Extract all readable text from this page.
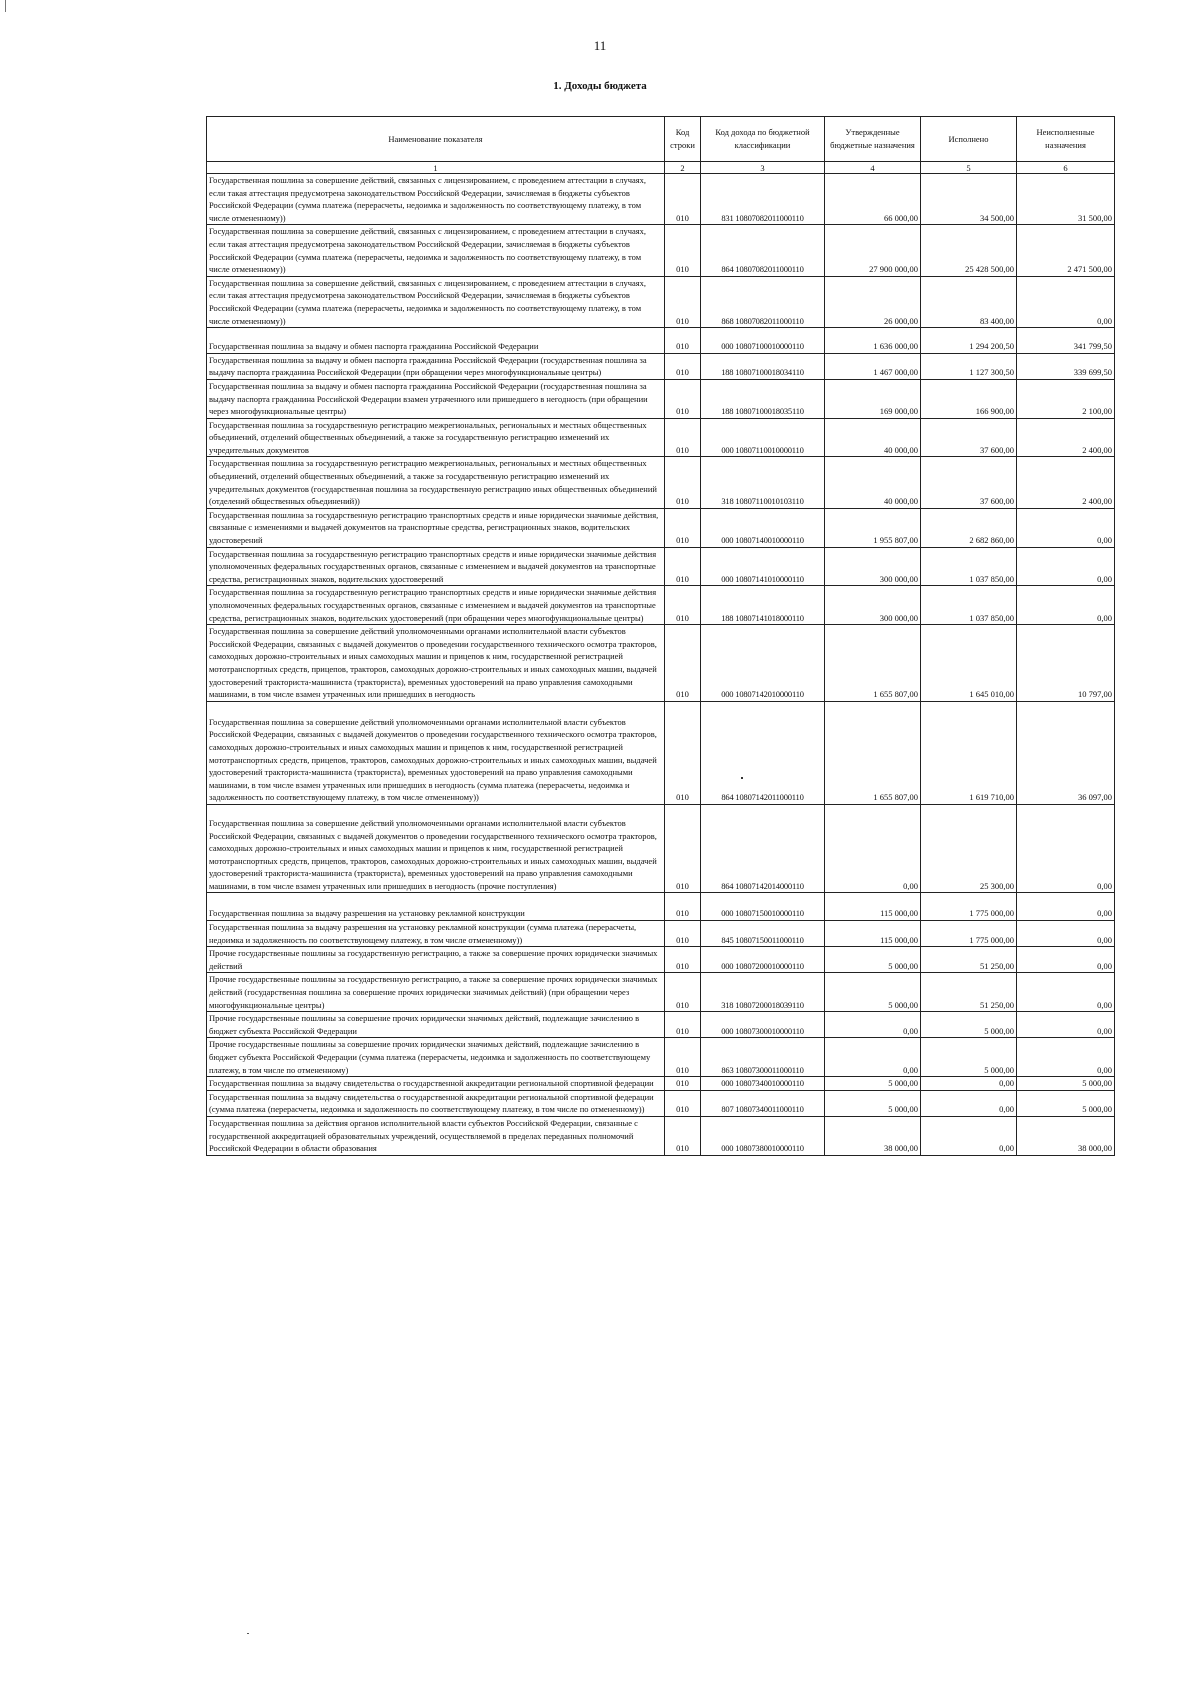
11
1. Доходы бюджета
Наименование показателя	Код строки	Код дохода по бюджетной классификации	Утвержденные бюджетные назначения	Исполнено	Неисполненные назначения
1	2	3	4	5	6
Государственная пошлина за совершение действий, связанных с лицензированием, с проведением аттестации в случаях, если такая аттестация предусмотрена законодательством Российской Федерации, зачисляемая в бюджеты субъектов Российской Федерации (сумма платежа (перерасчеты, недоимка и задолженность по соответствующему платежу, в том числе отмененному))	010	831 10807082011000110	66 000,00	34 500,00	31 500,00
Государственная пошлина за совершение действий, связанных с лицензированием, с проведением аттестации в случаях, если такая аттестация предусмотрена законодательством Российской Федерации, зачисляемая в бюджеты субъектов Российской Федерации (сумма платежа (перерасчеты, недоимка и задолженность по соответствующему платежу, в том числе отмененному))	010	864 10807082011000110	27 900 000,00	25 428 500,00	2 471 500,00
Государственная пошлина за совершение действий, связанных с лицензированием, с проведением аттестации в случаях, если такая аттестация предусмотрена законодательством Российской Федерации, зачисляемая в бюджеты субъектов Российской Федерации (сумма платежа (перерасчеты, недоимка и задолженность по соответствующему платежу, в том числе отмененному))	010	868 10807082011000110	26 000,00	83 400,00	0,00
Государственная пошлина за выдачу и обмен паспорта гражданина Российской Федерации	010	000 10807100010000110	1 636 000,00	1 294 200,50	341 799,50
Государственная пошлина за выдачу и обмен паспорта гражданина Российской Федерации (государственная пошлина за выдачу паспорта гражданина Российской Федерации (при обращении через многофункциональные центры)	010	188 10807100018034110	1 467 000,00	1 127 300,50	339 699,50
Государственная пошлина за выдачу и обмен паспорта гражданина Российской Федерации (государственная пошлина за выдачу паспорта гражданина Российской Федерации взамен утраченного или пришедшего в негодность (при обращении через многофункциональные центры)	010	188 10807100018035110	169 000,00	166 900,00	2 100,00
Государственная пошлина за государственную регистрацию межрегиональных, региональных и местных общественных объединений, отделений общественных объединений, а также за государственную регистрацию изменений их учредительных документов	010	000 10807110010000110	40 000,00	37 600,00	2 400,00
Государственная пошлина за государственную регистрацию межрегиональных, региональных и местных общественных объединений, отделений общественных объединений, а также за государственную регистрацию изменений их учредительных документов (государственная пошлина за государственную регистрацию иных общественных объединений (отделений общественных объединений))	010	318 10807110010103110	40 000,00	37 600,00	2 400,00
Государственная пошлина за государственную регистрацию транспортных средств и иные юридически значимые действия, связанные с изменениями и выдачей документов на транспортные средства, регистрационных знаков, водительских удостоверений	010	000 10807140010000110	1 955 807,00	2 682 860,00	0,00
Государственная пошлина за государственную регистрацию транспортных средств и иные юридически значимые действия уполномоченных федеральных государственных органов, связанные с изменением и выдачей документов на транспортные средства, регистрационных знаков, водительских удостоверений	010	000 10807141010000110	300 000,00	1 037 850,00	0,00
Государственная пошлина за государственную регистрацию транспортных средств и иные юридически значимые действия уполномоченных федеральных государственных органов, связанные с изменением и выдачей документов на транспортные средства, регистрационных знаков, водительских удостоверений (при обращении через многофункциональные центры)	010	188 10807141018000110	300 000,00	1 037 850,00	0,00
Государственная пошлина за совершение действий уполномоченными органами исполнительной власти субъектов Российской Федерации, связанных с выдачей документов о проведении государственного технического осмотра тракторов, самоходных дорожно-строительных и иных самоходных машин и прицепов к ним, государственной регистрацией мототранспортных средств, прицепов, тракторов, самоходных дорожно-строительных и иных самоходных машин, выдачей удостоверений тракториста-машиниста (тракториста), временных удостоверений на право управления самоходными машинами, в том числе взамен утраченных или пришедших в негодность	010	000 10807142010000110	1 655 807,00	1 645 010,00	10 797,00
Государственная пошлина за совершение действий уполномоченными органами исполнительной власти субъектов Российской Федерации, связанных с выдачей документов о проведении государственного технического осмотра тракторов, самоходных дорожно-строительных и иных самоходных машин и прицепов к ним, государственной регистрацией мототранспортных средств, прицепов, тракторов, самоходных дорожно-строительных и иных самоходных машин, выдачей удостоверений тракториста-машиниста (тракториста), временных удостоверений на право управления самоходными машинами, в том числе взамен утраченных или пришедших в негодность (сумма платежа (перерасчеты, недоимка и задолженность по соответствующему платежу, в том числе отмененному))	010	864 10807142011000110	1 655 807,00	1 619 710,00	36 097,00
Государственная пошлина за совершение действий уполномоченными органами исполнительной власти субъектов Российской Федерации, связанных с выдачей документов о проведении государственного технического осмотра тракторов, самоходных дорожно-строительных и иных самоходных машин и прицепов к ним, государственной регистрацией мототранспортных средств, прицепов, тракторов, самоходных дорожно-строительных и иных самоходных машин, выдачей удостоверений тракториста-машиниста (тракториста), временных удостоверений на право управления самоходными машинами, в том числе взамен утраченных или пришедших в негодность (прочие поступления)	010	864 10807142014000110	0,00	25 300,00	0,00
Государственная пошлина за выдачу разрешения на установку рекламной конструкции	010	000 10807150010000110	115 000,00	1 775 000,00	0,00
Государственная пошлина за выдачу разрешения на установку рекламной конструкции (сумма платежа (перерасчеты, недоимка и задолженность по соответствующему платежу, в том числе отмененному))	010	845 10807150011000110	115 000,00	1 775 000,00	0,00
Прочие государственные пошлины за государственную регистрацию, а также за совершение прочих юридически значимых действий	010	000 10807200010000110	5 000,00	51 250,00	0,00
Прочие государственные пошлины за государственную регистрацию, а также за совершение прочих юридически значимых действий (государственная пошлина за совершение прочих юридически значимых действий) (при обращении через многофункциональные центры)	010	318 10807200018039110	5 000,00	51 250,00	0,00
Прочие государственные пошлины за совершение прочих юридически значимых действий, подлежащие зачислению в бюджет субъекта Российской Федерации	010	000 10807300010000110	0,00	5 000,00	0,00
Прочие государственные пошлины за совершение прочих юридически значимых действий, подлежащие зачислению в бюджет субъекта Российской Федерации (сумма платежа (перерасчеты, недоимка и задолженность по соответствующему платежу, в том числе по отмененному)	010	863 10807300011000110	0,00	5 000,00	0,00
Государственная пошлина за выдачу свидетельства о государственной аккредитации региональной спортивной федерации	010	000 10807340010000110	5 000,00	0,00	5 000,00
Государственная пошлина за выдачу свидетельства о государственной аккредитации региональной спортивной федерации (сумма платежа (перерасчеты, недоимка и задолженность по соответствующему платежу, в том числе по отмененному))	010	807 10807340011000110	5 000,00	0,00	5 000,00
Государственная пошлина за действия органов исполнительной власти субъектов Российской Федерации, связанные с государственной аккредитацией образовательных учреждений, осуществляемой в пределах переданных полномочий Российской Федерации в области образования	010	000 10807380010000110	38 000,00	0,00	38 000,00
